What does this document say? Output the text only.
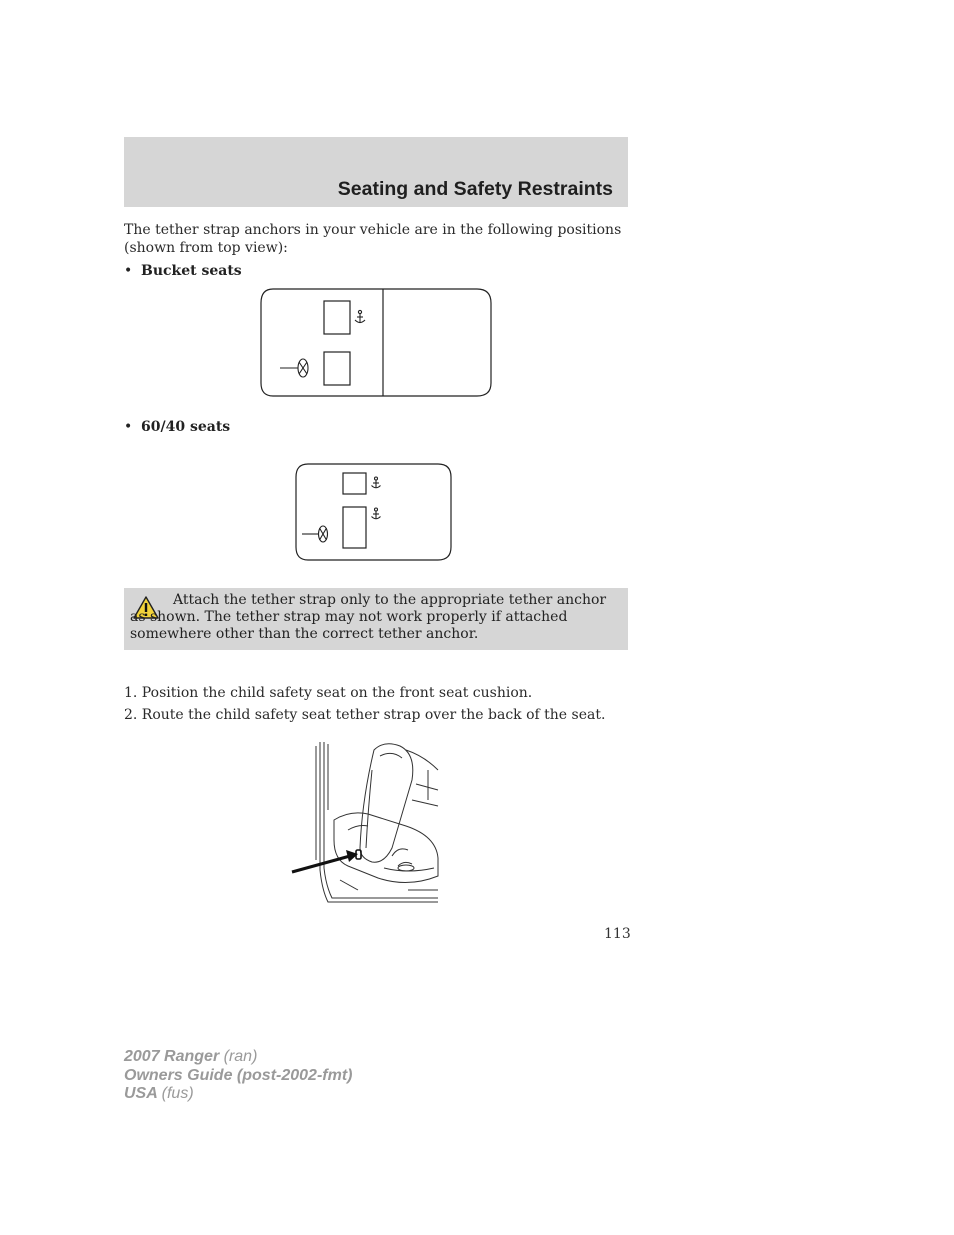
Seating and Safety Restraints
The tether strap anchors in your vehicle are in the following positions (shown from top view):
• Bucket seats
• 60/40 seats
Attach the tether strap only to the appropriate tether anchor as shown. The tether strap may not work properly if attached somewhere other than the correct tether anchor.
1. Position the child safety seat on the front seat cushion.
2. Route the child safety seat tether strap over the back of the seat.
113
2007 Ranger (ran)
Owners Guide (post-2002-fmt)
USA (fus)
